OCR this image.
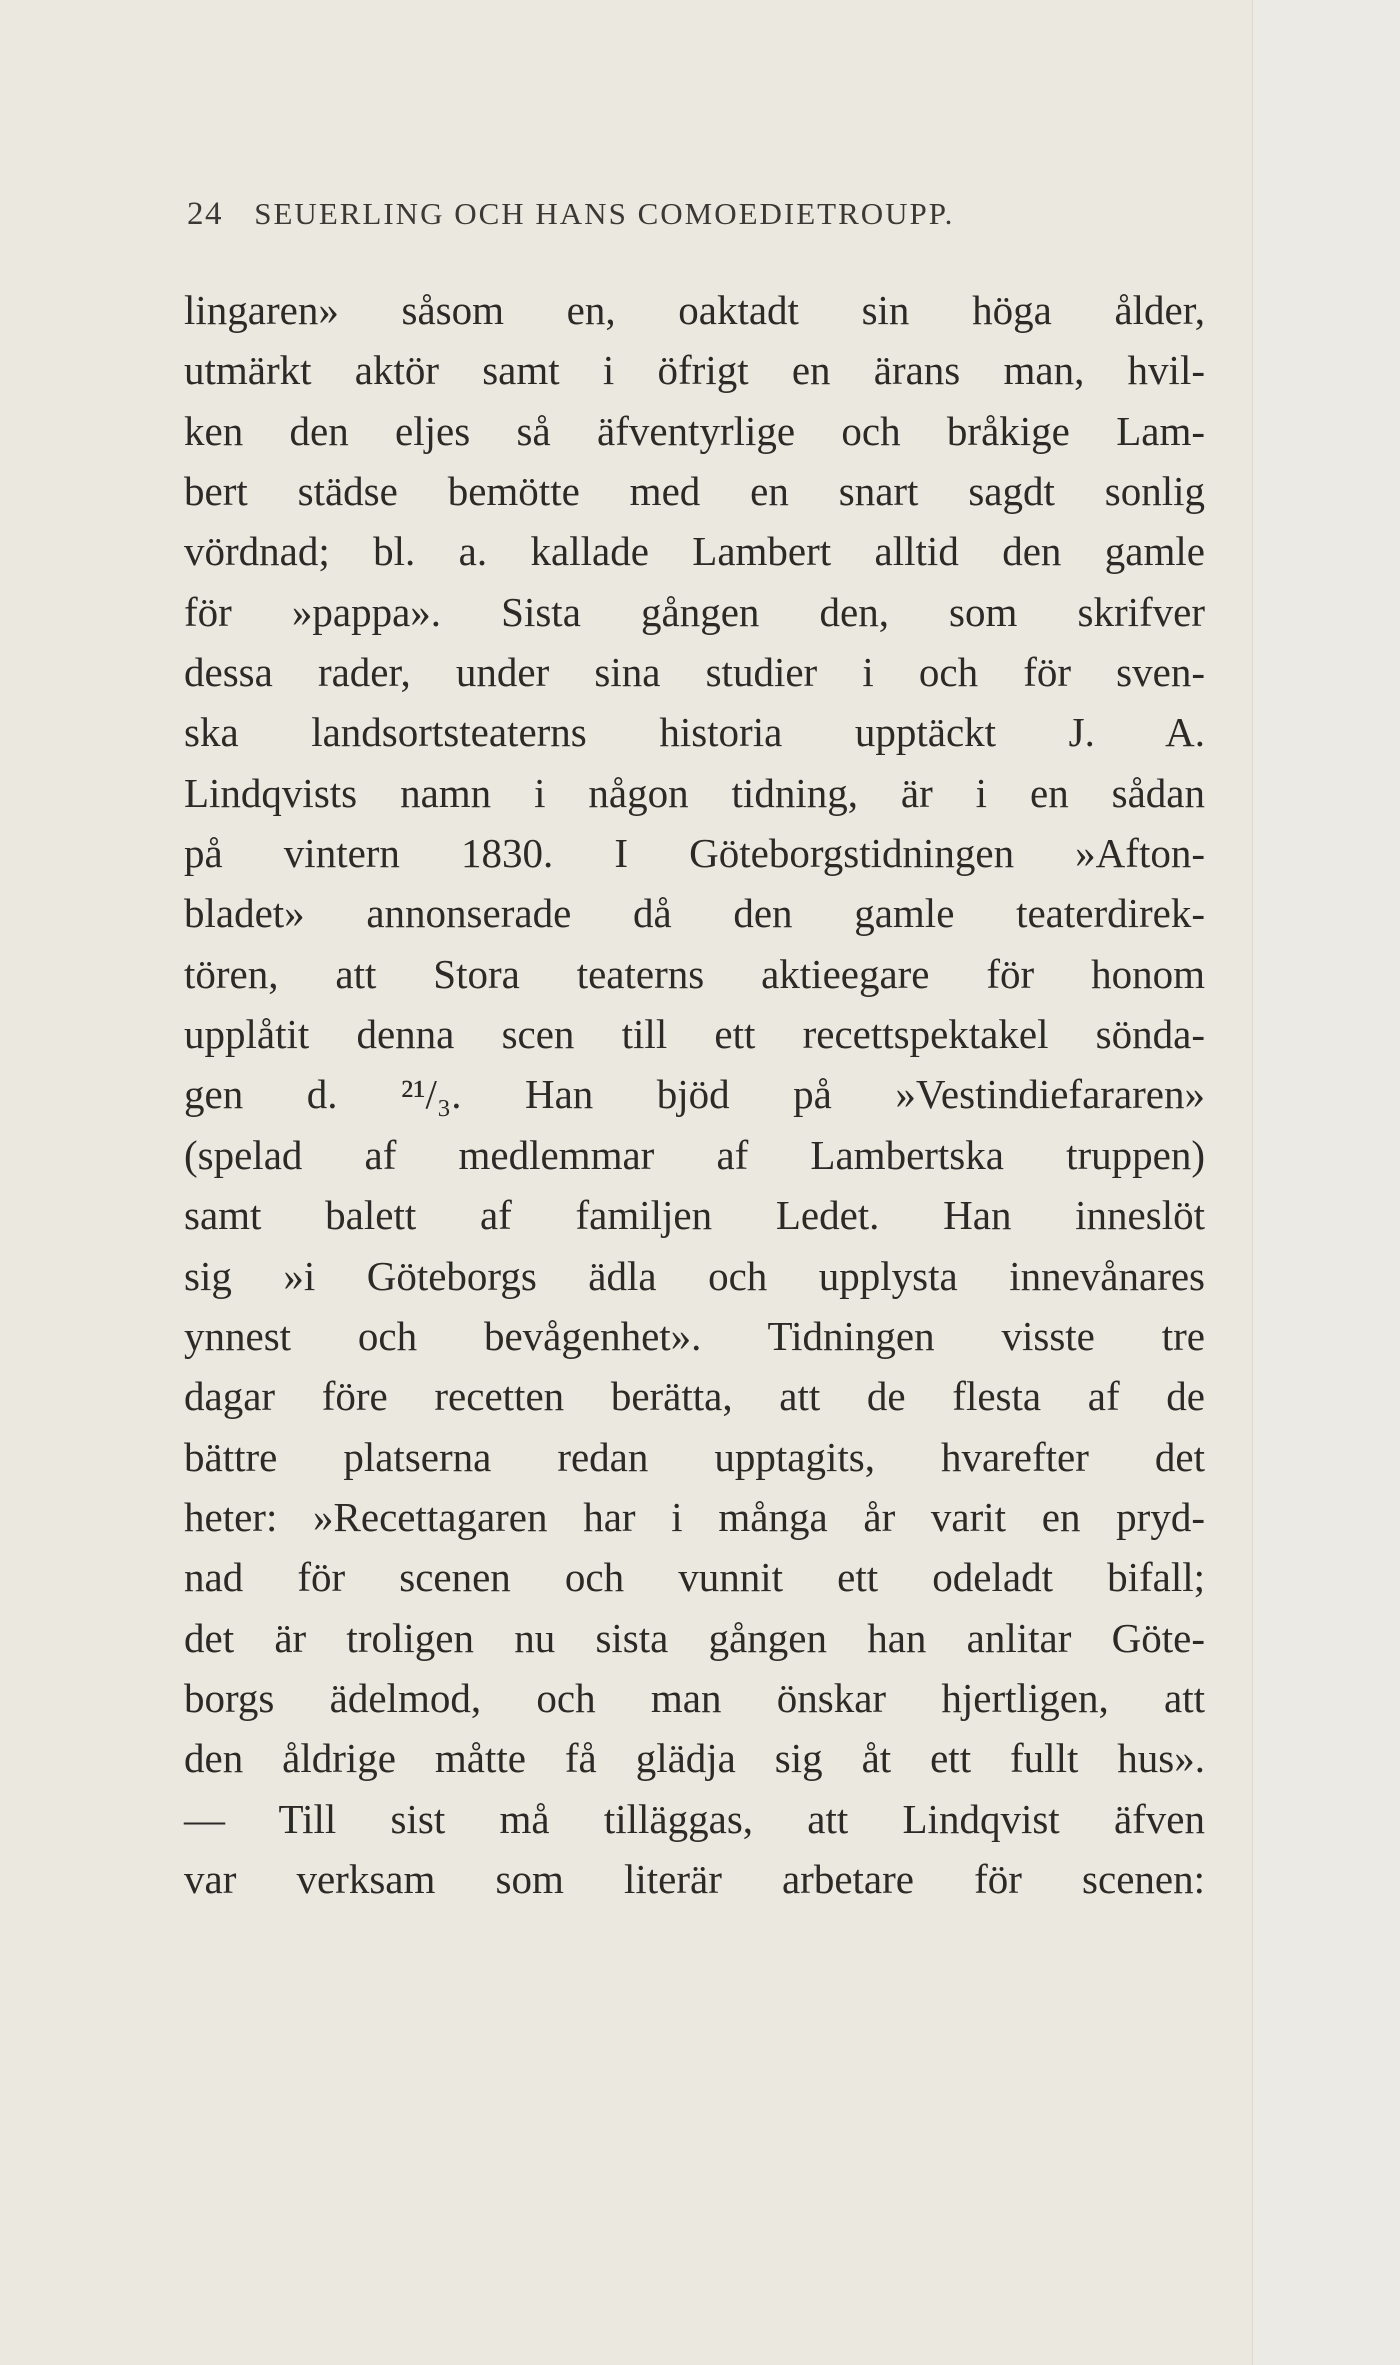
24 SEUERLING OCH HANS COMOEDIETROUPP.
lingaren» såsom en, oaktadt sin höga ålder,
utmärkt aktör samt i öfrigt en ärans man, hvil-
ken den eljes så äfventyrlige och bråkige Lam-
bert städse bemötte med en snart sagdt sonlig
vördnad; bl. a. kallade Lambert alltid den gamle
för »pappa». Sista gången den, som skrifver
dessa rader, under sina studier i och för sven-
ska landsortsteaterns historia upptäckt J. A.
Lindqvists namn i någon tidning, är i en sådan
på vintern 1830. I Göteborgstidningen »Afton-
bladet» annonserade då den gamle teaterdirek-
tören, att Stora teaterns aktieegare för honom
upplåtit denna scen till ett recettspektakel sönda-
gen d. ²¹/₃. Han bjöd på »Vestindiefararen»
(spelad af medlemmar af Lambertska truppen)
samt balett af familjen Ledet. Han inneslöt
sig »i Göteborgs ädla och upplysta innevånares
ynnest och bevågenhet». Tidningen visste tre
dagar före recetten berätta, att de flesta af de
bättre platserna redan upptagits, hvarefter det
heter: »Recettagaren har i många år varit en pryd-
nad för scenen och vunnit ett odeladt bifall;
det är troligen nu sista gången han anlitar Göte-
borgs ädelmod, och man önskar hjertligen, att
den åldrige måtte få glädja sig åt ett fullt hus».
— Till sist må tilläggas, att Lindqvist äfven
var verksam som literär arbetare för scenen:
